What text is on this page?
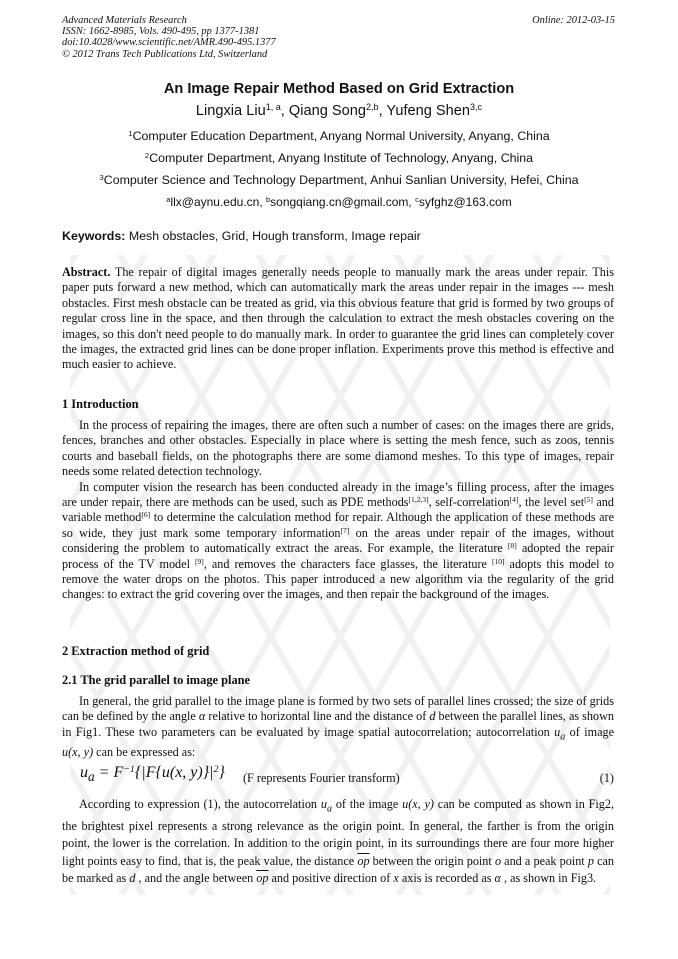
Advanced Materials Research
ISSN: 1662-8985, Vols. 490-495, pp 1377-1381
doi:10.4028/www.scientific.net/AMR.490-495.1377
© 2012 Trans Tech Publications Ltd, Switzerland
Online: 2012-03-15
An Image Repair Method Based on Grid Extraction
Lingxia Liu$^{1, a}$, Qiang Song$^{2,b}$, Yufeng Shen$^{3,c}$
$^1$Computer Education Department, Anyang Normal University, Anyang, China
$^2$Computer Department, Anyang Institute of Technology, Anyang, China
$^3$Computer Science and Technology Department, Anhui Sanlian University, Hefei, China
$^a$llx@aynu.edu.cn, $^b$songqiang.cn@gmail.com, $^c$syfghz@163.com
Keywords: Mesh obstacles, Grid, Hough transform, Image repair

Abstract. The repair of digital images generally needs people to manually mark the areas under repair. This paper puts forward a new method, which can automatically mark the areas under repair in the images --- mesh obstacles. First mesh obstacle can be treated as grid, via this obvious feature that grid is formed by two groups of regular cross line in the space, and then through the calculation to extract the mesh obstacles covering on the images, so this don't need people to do manually mark. In order to guarantee the grid lines can completely cover the images, the extracted grid lines can be done proper inflation. Experiments prove this method is effective and much easier to achieve.

1 Introduction

In the process of repairing the images, there are often such a number of cases: on the images there are grids, fences, branches and other obstacles. Especially in place where is setting the mesh fence, such as zoos, tennis courts and baseball fields, on the photographs there are some diamond meshes. To this type of images, repair needs some related detection technology.

In computer vision the research has been conducted already in the image’s filling process, after the images are under repair, there are methods can be used, such as PDE methods[1,2,3], self-correlation[4], the level set[5] and variable method[6] to determine the calculation method for repair. Although the application of these methods are so wide, they just mark some temporary information[7] on the areas under repair of the images, without considering the problem to automatically extract the areas. For example, the literature [8] adopted the repair process of the TV model [9], and removes the characters face glasses, the literature [10] adopts this model to remove the water drops on the photos. This paper introduced a new algorithm via the regularity of the grid changes: to extract the grid covering over the images, and then repair the background of the images.

2 Extraction method of grid
2.1 The grid parallel to image plane

In general, the grid parallel to the image plane is formed by two sets of parallel lines crossed; the size of grids can be defined by the angle α relative to horizontal line and the distance of d between the parallel lines, as shown in Fig1. These two parameters can be evaluated by image spatial autocorrelation; autocorrelation $u_a$ of image u(x, y) can be expressed as:

$u_a = F^{-1}\{|F\{u(x$, $y)\}|^2$} (F represents Fourier transform)	(1)

According to expression (1), the autocorrelation $u_a$ of the image u(x, y) can be computed as shown in Fig2, the brightest pixel represents a strong relevance as the origin point. In general, the farther is from the origin point, the lower is the correlation. In addition to the origin point, in its surroundings there are four more higher light points easy to find, that is, the peak value, the distance $\overline{op}$ between the origin point o and a peak point p can be marked as d , and the angle between $\overline{op}$ and positive direction of x axis is recorded as α , as shown in Fig3.
